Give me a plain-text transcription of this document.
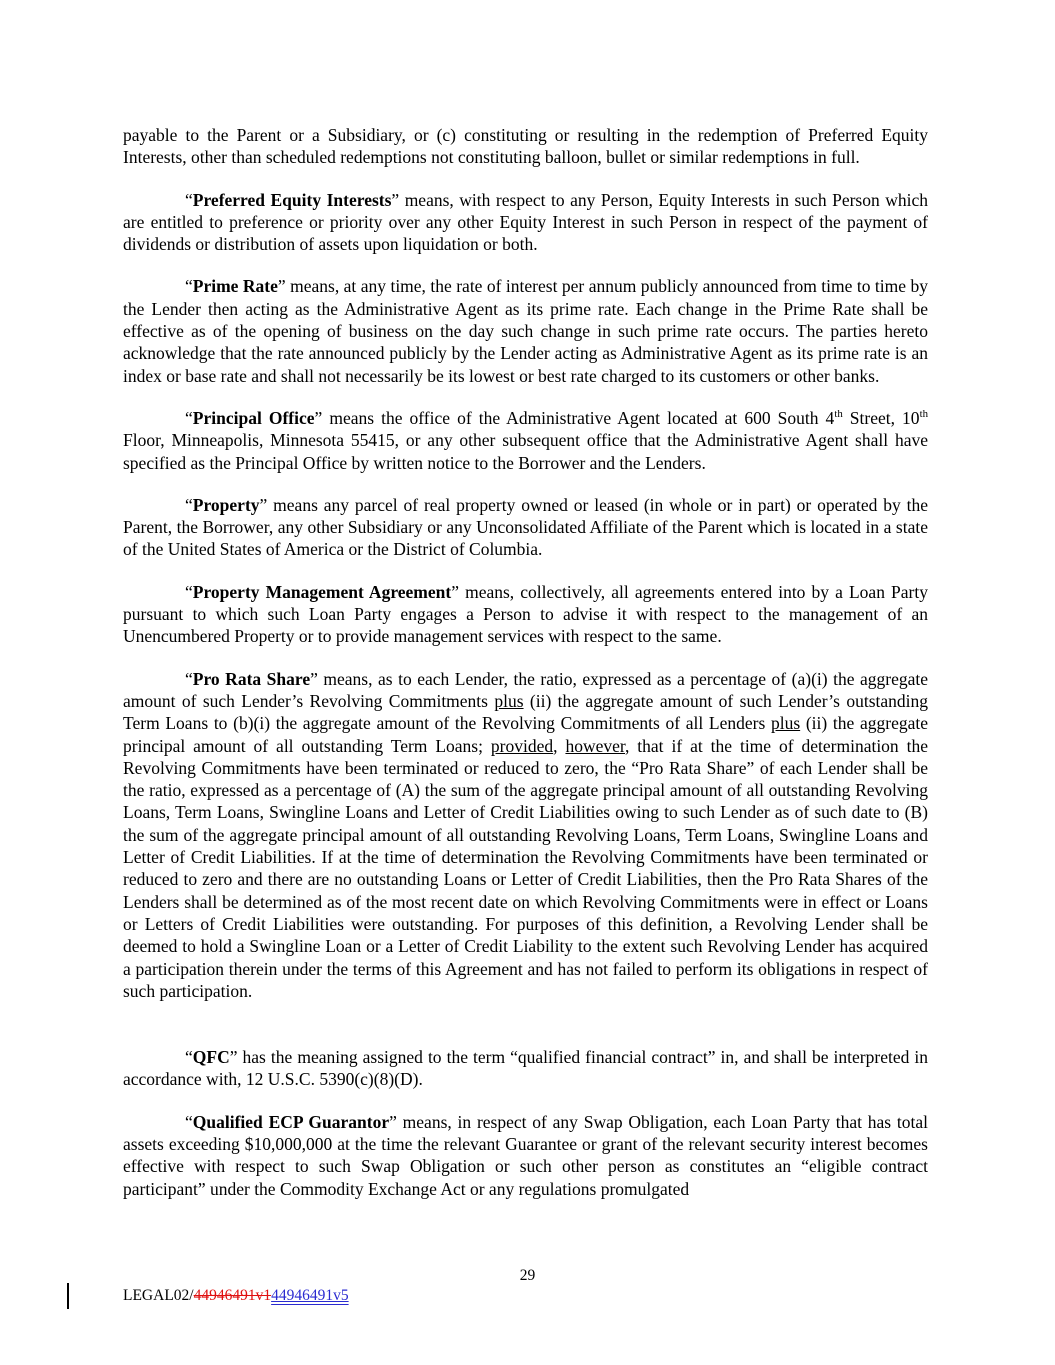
payable to the Parent or a Subsidiary, or (c) constituting or resulting in the redemption of Preferred Equity Interests, other than scheduled redemptions not constituting balloon, bullet or similar redemptions in full.

“Preferred Equity Interests” means, with respect to any Person, Equity Interests in such Person which are entitled to preference or priority over any other Equity Interest in such Person in respect of the payment of dividends or distribution of assets upon liquidation or both.

“Prime Rate” means, at any time, the rate of interest per annum publicly announced from time to time by the Lender then acting as the Administrative Agent as its prime rate. Each change in the Prime Rate shall be effective as of the opening of business on the day such change in such prime rate occurs. The parties hereto acknowledge that the rate announced publicly by the Lender acting as Administrative Agent as its prime rate is an index or base rate and shall not necessarily be its lowest or best rate charged to its customers or other banks.

“Principal Office” means the office of the Administrative Agent located at 600 South 4th Street, 10th Floor, Minneapolis, Minnesota 55415, or any other subsequent office that the Administrative Agent shall have specified as the Principal Office by written notice to the Borrower and the Lenders.

“Property” means any parcel of real property owned or leased (in whole or in part) or operated by the Parent, the Borrower, any other Subsidiary or any Unconsolidated Affiliate of the Parent which is located in a state of the United States of America or the District of Columbia.

“Property Management Agreement” means, collectively, all agreements entered into by a Loan Party pursuant to which such Loan Party engages a Person to advise it with respect to the management of an Unencumbered Property or to provide management services with respect to the same.

“Pro Rata Share” means, as to each Lender, the ratio, expressed as a percentage of (a)(i) the aggregate amount of such Lender’s Revolving Commitments plus (ii) the aggregate amount of such Lender’s outstanding Term Loans to (b)(i) the aggregate amount of the Revolving Commitments of all Lenders plus (ii) the aggregate principal amount of all outstanding Term Loans; provided, however, that if at the time of determination the Revolving Commitments have been terminated or reduced to zero, the “Pro Rata Share” of each Lender shall be the ratio, expressed as a percentage of (A) the sum of the aggregate principal amount of all outstanding Revolving Loans, Term Loans, Swingline Loans and Letter of Credit Liabilities owing to such Lender as of such date to (B) the sum of the aggregate principal amount of all outstanding Revolving Loans, Term Loans, Swingline Loans and Letter of Credit Liabilities. If at the time of determination the Revolving Commitments have been terminated or reduced to zero and there are no outstanding Loans or Letter of Credit Liabilities, then the Pro Rata Shares of the Lenders shall be determined as of the most recent date on which Revolving Commitments were in effect or Loans or Letters of Credit Liabilities were outstanding. For purposes of this definition, a Revolving Lender shall be deemed to hold a Swingline Loan or a Letter of Credit Liability to the extent such Revolving Lender has acquired a participation therein under the terms of this Agreement and has not failed to perform its obligations in respect of such participation.

“QFC” has the meaning assigned to the term “qualified financial contract” in, and shall be interpreted in accordance with, 12 U.S.C. 5390(c)(8)(D).

“Qualified ECP Guarantor” means, in respect of any Swap Obligation, each Loan Party that has total assets exceeding $10,000,000 at the time the relevant Guarantee or grant of the relevant security interest becomes effective with respect to such Swap Obligation or such other person as constitutes an “eligible contract participant” under the Commodity Exchange Act or any regulations promulgated

29
LEGAL02/44946491v144946491v5
